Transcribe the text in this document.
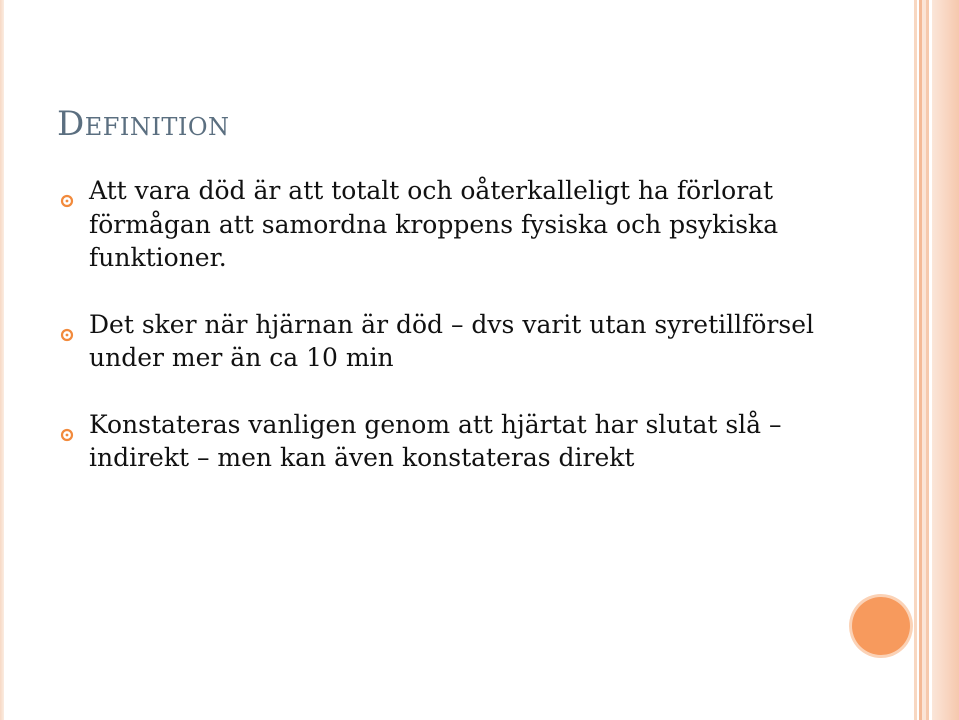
Definition
Att vara död är att totalt och oåterkalleligt ha förlorat förmågan att samordna kroppens fysiska och psykiska funktioner.
Det sker när hjärnan är död – dvs varit utan syretillförsel under mer än ca 10 min
Konstateras vanligen genom att hjärtat har slutat slå – indirekt – men kan även konstateras direkt
